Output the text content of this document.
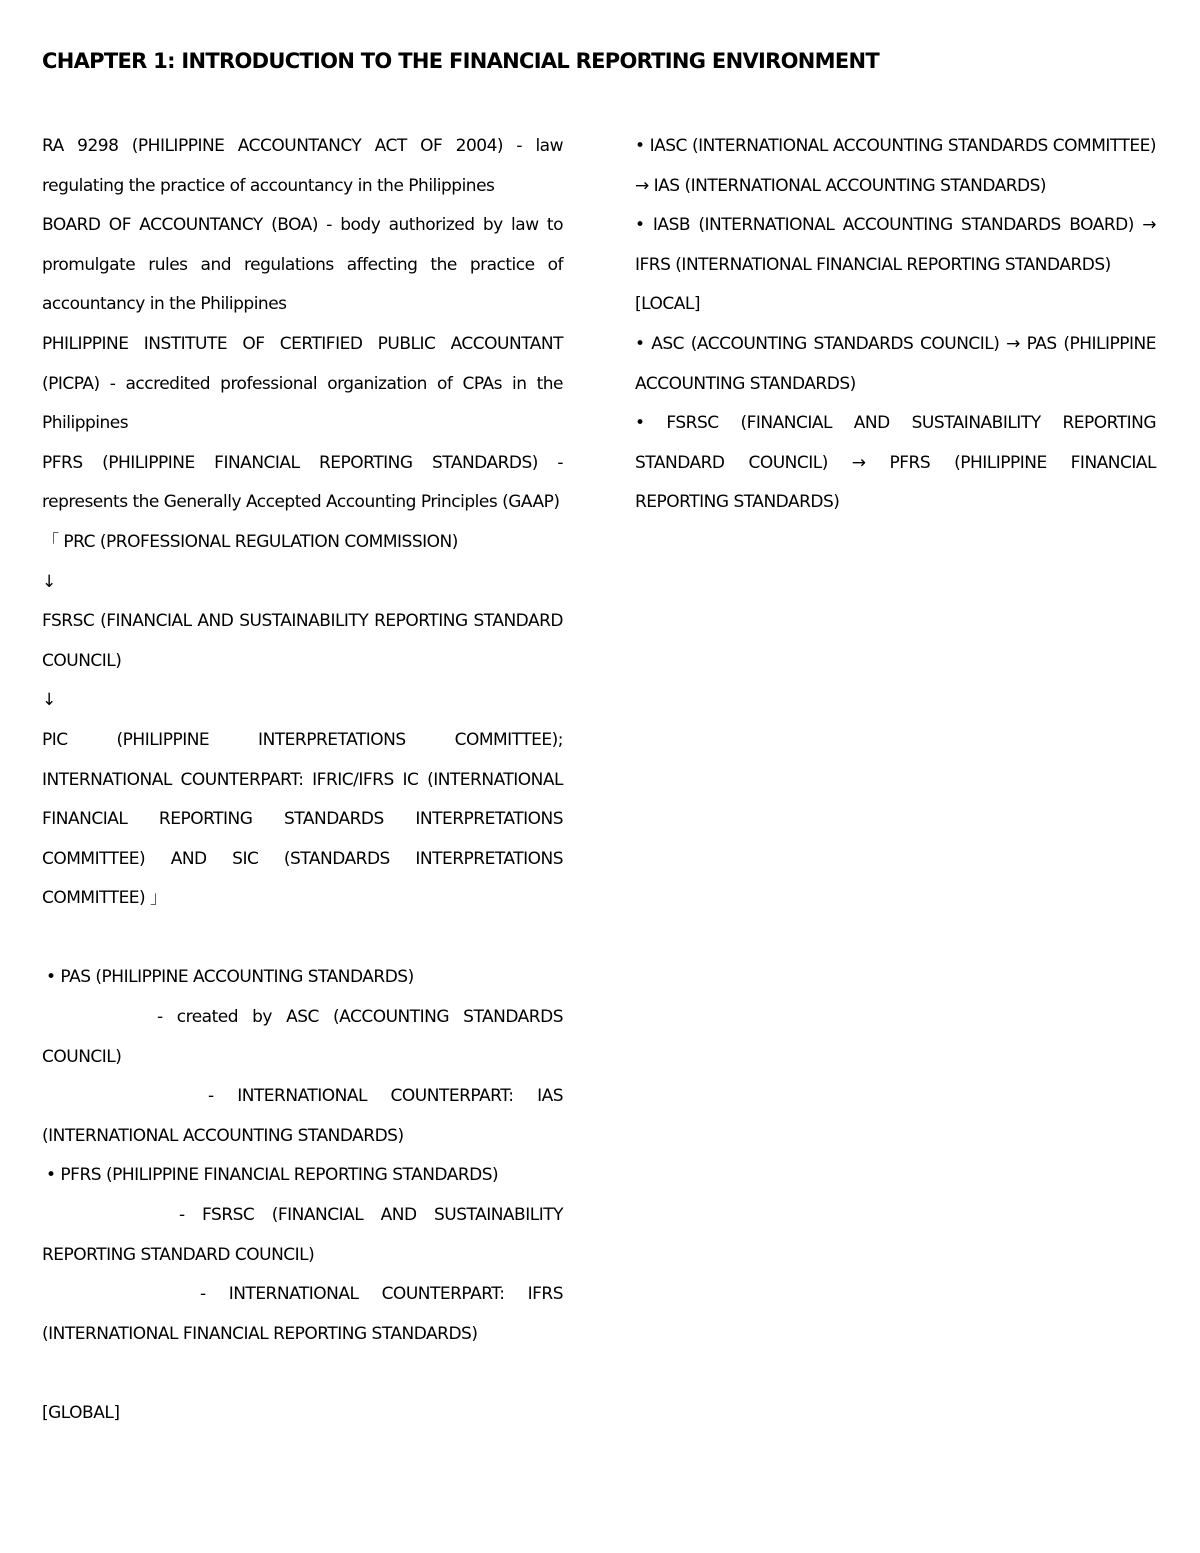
CHAPTER 1: INTRODUCTION TO THE FINANCIAL REPORTING ENVIRONMENT

RA 9298 (PHILIPPINE ACCOUNTANCY ACT OF 2004) - law regulating the practice of accountancy in the Philippines

BOARD OF ACCOUNTANCY (BOA) - body authorized by law to promulgate rules and regulations affecting the practice of accountancy in the Philippines

PHILIPPINE INSTITUTE OF CERTIFIED PUBLIC ACCOUNTANT (PICPA) - accredited professional organization of CPAs in the Philippines

PFRS (PHILIPPINE FINANCIAL REPORTING STANDARDS) - represents the Generally Accepted Accounting Principles (GAAP)

「 PRC (PROFESSIONAL REGULATION COMMISSION)

↓

FSRSC (FINANCIAL AND SUSTAINABILITY REPORTING STANDARD COUNCIL)

↓

PIC (PHILIPPINE INTERPRETATIONS COMMITTEE); INTERNATIONAL COUNTERPART: IFRIC/IFRS IC (INTERNATIONAL FINANCIAL REPORTING STANDARDS INTERPRETATIONS COMMITTEE) AND SIC (STANDARDS INTERPRETATIONS COMMITTEE) 」

• PAS (PHILIPPINE ACCOUNTING STANDARDS)

- created by ASC (ACCOUNTING STANDARDS COUNCIL)

- INTERNATIONAL COUNTERPART: IAS (INTERNATIONAL ACCOUNTING STANDARDS)

• PFRS (PHILIPPINE FINANCIAL REPORTING STANDARDS)

- FSRSC (FINANCIAL AND SUSTAINABILITY REPORTING STANDARD COUNCIL)

- INTERNATIONAL COUNTERPART: IFRS (INTERNATIONAL FINANCIAL REPORTING STANDARDS)

[GLOBAL]

• IASC (INTERNATIONAL ACCOUNTING STANDARDS COMMITTEE) → IAS (INTERNATIONAL ACCOUNTING STANDARDS)

• IASB (INTERNATIONAL ACCOUNTING STANDARDS BOARD) → IFRS (INTERNATIONAL FINANCIAL REPORTING STANDARDS)

[LOCAL]

• ASC (ACCOUNTING STANDARDS COUNCIL) → PAS (PHILIPPINE ACCOUNTING STANDARDS)

• FSRSC (FINANCIAL AND SUSTAINABILITY REPORTING STANDARD COUNCIL) → PFRS (PHILIPPINE FINANCIAL REPORTING STANDARDS)
